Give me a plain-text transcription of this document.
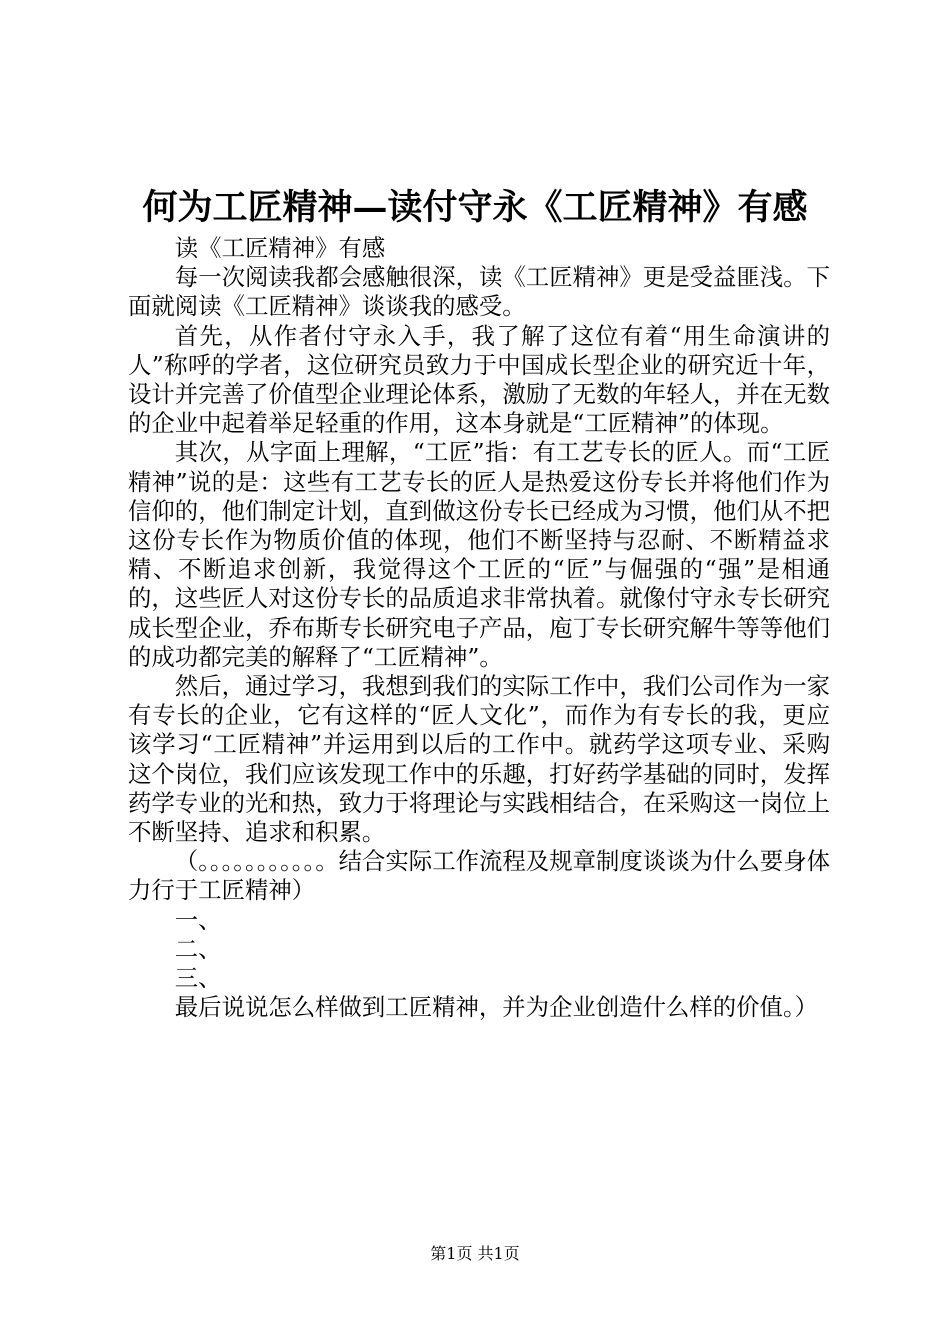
何为工匠精神—读付守永《工匠精神》有感

读《工匠精神》有感

每一次阅读我都会感触很深，读《工匠精神》更是受益匪浅。下面就阅读《工匠精神》谈谈我的感受。

首先，从作者付守永入手，我了解了这位有着“用生命演讲的人”称呼的学者，这位研究员致力于中国成长型企业的研究近十年，设计并完善了价值型企业理论体系，激励了无数的年轻人，并在无数的企业中起着举足轻重的作用，这本身就是“工匠精神”的体现。

其次，从字面上理解，“工匠”指：有工艺专长的匠人。而“工匠精神”说的是：这些有工艺专长的匠人是热爱这份专长并将他们作为信仰的，他们制定计划，直到做这份专长已经成为习惯，他们从不把这份专长作为物质价值的体现，他们不断坚持与忍耐、不断精益求精、不断追求创新，我觉得这个工匠的“匠”与倔强的“强”是相通的，这些匠人对这份专长的品质追求非常执着。就像付守永专长研究成长型企业，乔布斯专长研究电子产品，庖丁专长研究解牛等等他们的成功都完美的解释了“工匠精神”。

然后，通过学习，我想到我们的实际工作中，我们公司作为一家有专长的企业，它有这样的“匠人文化”，而作为有专长的我，更应该学习“工匠精神”并运用到以后的工作中。就药学这项专业、采购这个岗位，我们应该发现工作中的乐趣，打好药学基础的同时，发挥药学专业的光和热，致力于将理论与实践相结合，在采购这一岗位上不断坚持、追求和积累。

（。。。。。。。。。。。结合实际工作流程及规章制度谈谈为什么要身体力行于工匠精神）

一、

二、

三、

最后说说怎么样做到工匠精神，并为企业创造什么样的价值。）

第1页 共1页
